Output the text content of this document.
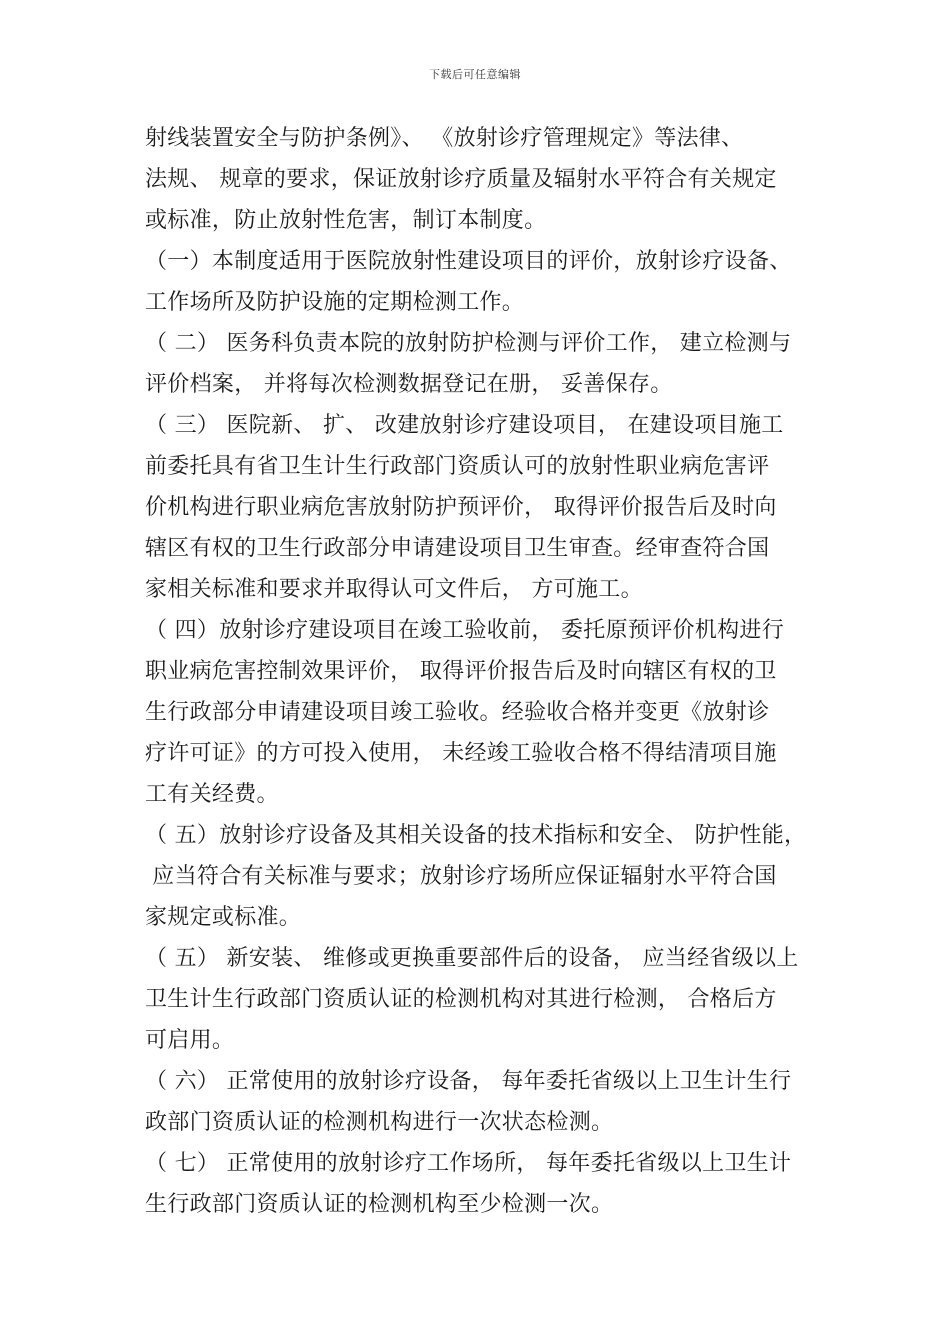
下载后可任意编辑
射线装置安全与防护条例》、 《放射诊疗管理规定》等法律、
法规、 规章的要求，保证放射诊疗质量及辐射水平符合有关规定
或标准，防止放射性危害，制订本制度。
（一）本制度适用于医院放射性建设项目的评价，放射诊疗设备、
工作场所及防护设施的定期检测工作。
（ 二） 医务科负责本院的放射防护检测与评价工作， 建立检测与
评价档案， 并将每次检测数据登记在册， 妥善保存。
（ 三） 医院新、 扩、 改建放射诊疗建设项目， 在建设项目施工
前委托具有省卫生计生行政部门资质认可的放射性职业病危害评
价机构进行职业病危害放射防护预评价， 取得评价报告后及时向
辖区有权的卫生行政部分申请建设项目卫生审查。经审查符合国
家相关标准和要求并取得认可文件后， 方可施工。
（ 四）放射诊疗建设项目在竣工验收前， 委托原预评价机构进行
职业病危害控制效果评价， 取得评价报告后及时向辖区有权的卫
生行政部分申请建设项目竣工验收。经验收合格并变更《放射诊
疗许可证》的方可投入使用， 未经竣工验收合格不得结清项目施
工有关经费。
（ 五）放射诊疗设备及其相关设备的技术指标和安全、 防护性能，
应当符合有关标准与要求；放射诊疗场所应保证辐射水平符合国
家规定或标准。
（ 五） 新安装、 维修或更换重要部件后的设备， 应当经省级以上
卫生计生行政部门资质认证的检测机构对其进行检测， 合格后方
可启用。
（ 六） 正常使用的放射诊疗设备， 每年委托省级以上卫生计生行
政部门资质认证的检测机构进行一次状态检测。
（ 七） 正常使用的放射诊疗工作场所， 每年委托省级以上卫生计
生行政部门资质认证的检测机构至少检测一次。
